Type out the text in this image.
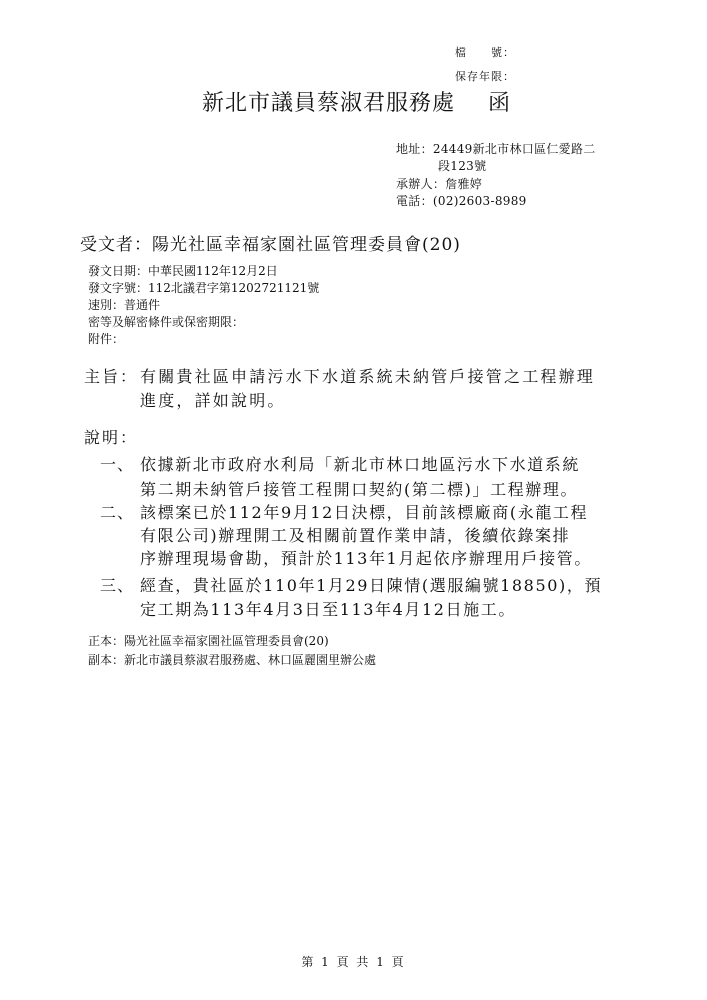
檔　　號：
保存年限：
新北市議員蔡淑君服務處 函
地址：24449新北市林口區仁愛路二
段123號
承辦人：詹雅婷
電話：(02)2603-8989
受文者：陽光社區幸福家園社區管理委員會(20)
發文日期：中華民國112年12月2日
發文字號：112北議君字第1202721121號
速別：普通件
密等及解密條件或保密期限：
附件：
主旨： 有關貴社區申請污水下水道系統未納管戶接管之工程辦理
進度，詳如說明。
說明：
一、 依據新北市政府水利局「新北市林口地區污水下水道系統
第二期未納管戶接管工程開口契約(第二標)」工程辦理。
二、 該標案已於112年9月12日決標，目前該標廠商(永龍工程
有限公司)辦理開工及相關前置作業申請，後續依錄案排
序辦理現場會勘，預計於113年1月起依序辦理用戶接管。
三、 經查，貴社區於110年1月29日陳情(選服編號18850)，預
定工期為113年4月3日至113年4月12日施工。
正本：陽光社區幸福家園社區管理委員會(20)
副本：新北市議員蔡淑君服務處、林口區麗園里辦公處
第 1 頁 共 1 頁
